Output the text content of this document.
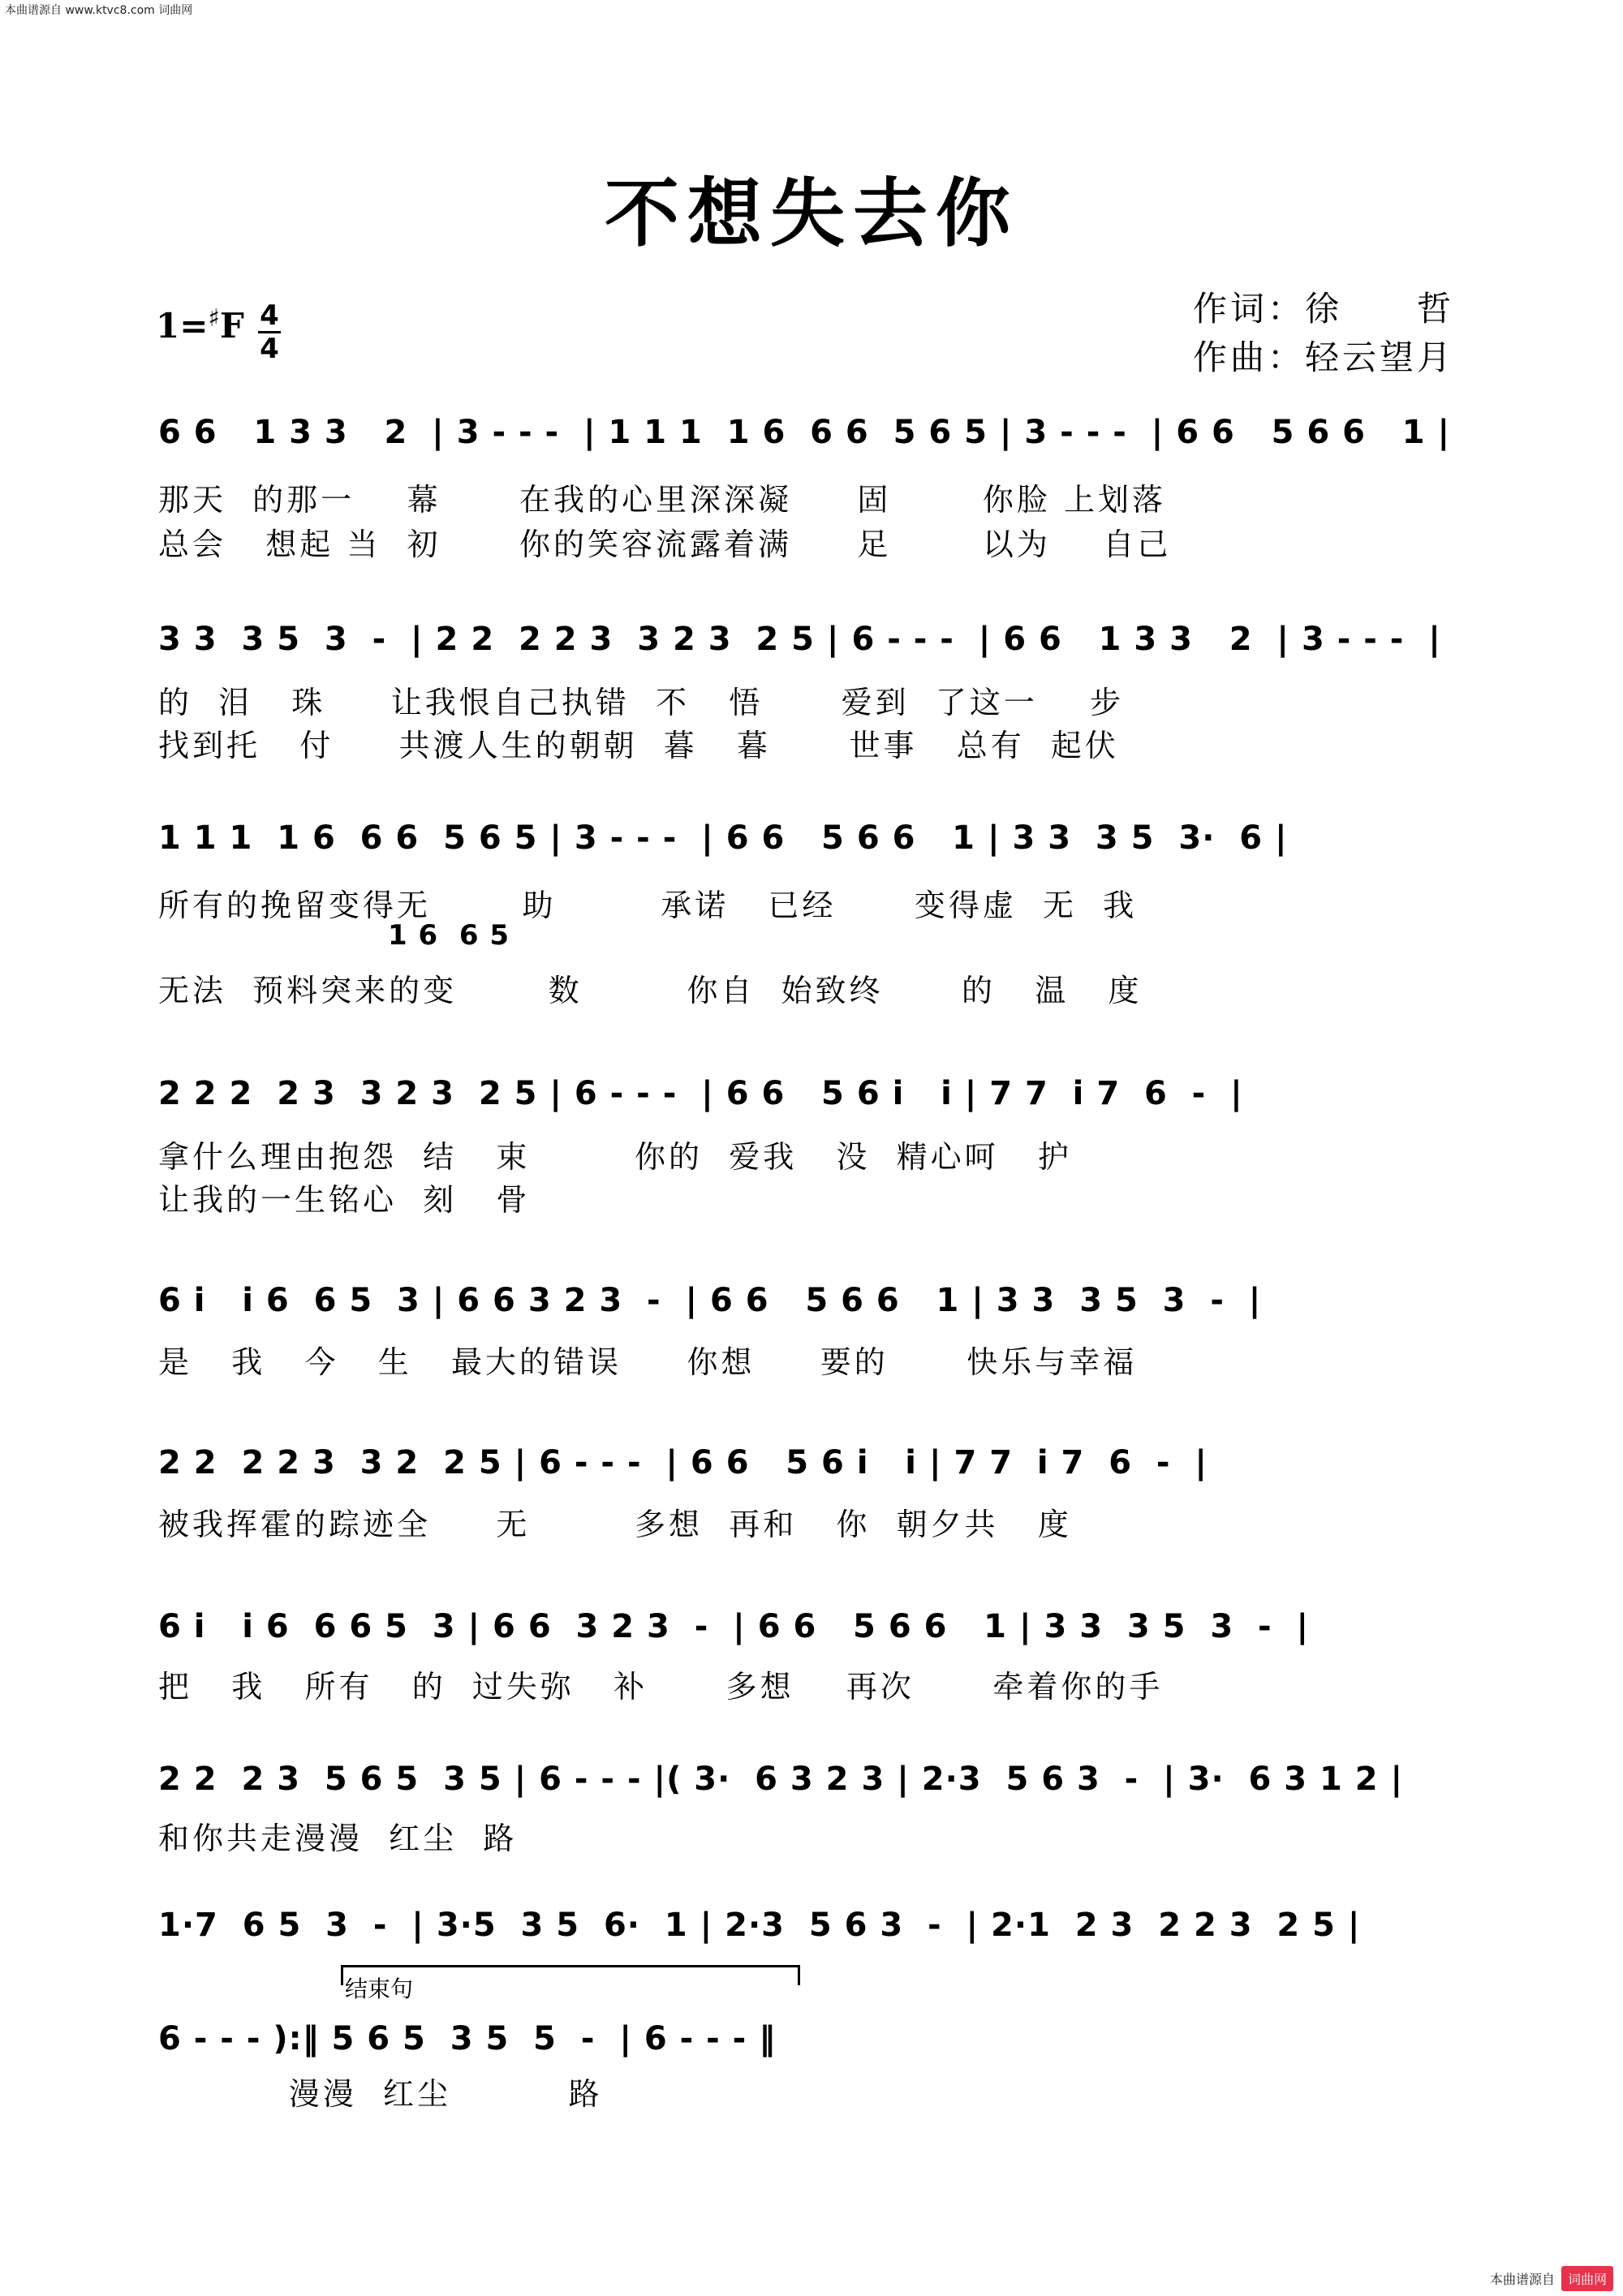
本曲谱源自 www.ktvc8.com 词曲网
不想失去你
1=♯F 4
4
作词：徐　　哲
作曲：轻云望月
6 6   1 3 3   2  | 3 - - -  | 1 1 1  1 6  6 6  5 6 5 | 3 - - -  | 6 6   5 6 6   1 |
那天  的那一    幕      在我的心里深深凝     固       你脸 上划落
总会   想起 当  初      你的笑容流露着满     足       以为    自己
3 3  3 5  3  -  | 2 2  2 2 3  3 2 3  2 5 | 6 - - -  | 6 6   1 3 3   2  | 3 - - -  |
的  泪   珠     让我恨自己执错  不   悟      爱到  了这一    步
找到托   付     共渡人生的朝朝  暮   暮      世事   总有  起伏
1 1 1  1 6  6 6  5 6 5 | 3 - - -  | 6 6   5 6 6   1 | 3 3  3 5  3·  6 |
所有的挽留变得无       助        承诺   已经      变得虚  无  我
1 6  6 5
无法  预料突来的变       数        你自  始致终      的   温   度
2 2 2  2 3  3 2 3  2 5 | 6 - - -  | 6 6   5 6 i   i | 7 7  i 7  6  -  |
拿什么理由抱怨  结   束        你的  爱我   没  精心呵   护
让我的一生铭心  刻   骨
6 i   i 6  6 5  3 | 6 6 3 2 3  -  | 6 6   5 6 6   1 | 3 3  3 5  3  -  |
是   我   今   生   最大的错误     你想     要的      快乐与幸福
2 2  2 2 3  3 2  2 5 | 6 - - -  | 6 6   5 6 i   i | 7 7  i 7  6  -  |
被我挥霍的踪迹全     无        多想  再和   你  朝夕共   度
6 i   i 6  6 6 5  3 | 6 6  3 2 3  -  | 6 6   5 6 6   1 | 3 3  3 5  3  -  |
把   我   所有   的  过失弥   补      多想    再次      牵着你的手
2 2  2 3  5 6 5  3 5 | 6 - - - |( 3·  6 3 2 3 | 2·3  5 6 3  -  | 3·  6 3 1 2 |
和你共走漫漫  红尘  路
1·7  6 5  3  -  | 3·5  3 5  6·  1 | 2·3  5 6 3  -  | 2·1  2 3  2 2 3  2 5 |
结束句
6 - - - ):‖ 5 6 5  3 5  5  -  | 6 - - - ‖
漫漫  红尘         路
本曲谱源自	词曲网
